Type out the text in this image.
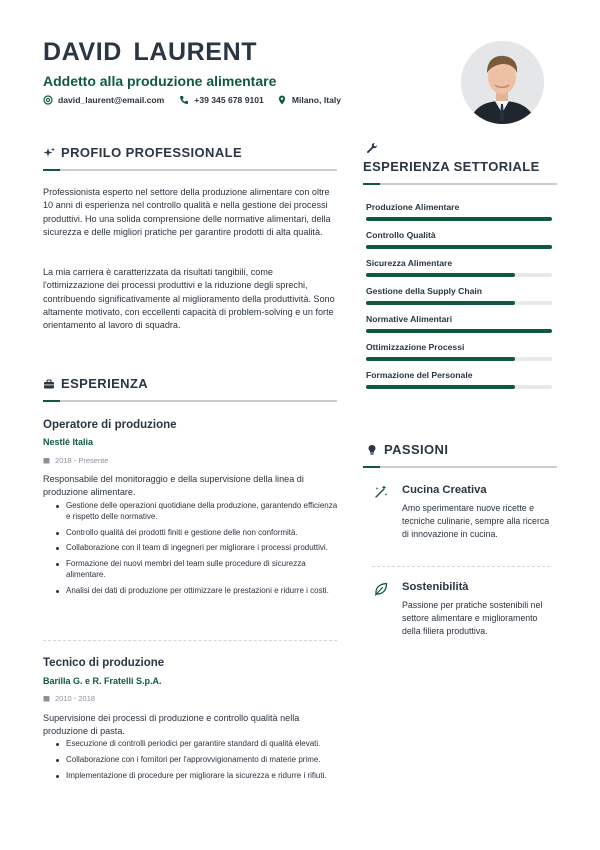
DAVID LAURENT
Addetto alla produzione alimentare
david_laurent@email.com	+39 345 678 9101	Milano, Italy
PROFILO PROFESSIONALE
Professionista esperto nel settore della produzione alimentare con oltre 10 anni di esperienza nel controllo qualità e nella gestione dei processi produttivi. Ho una solida comprensione delle normative alimentari, della sicurezza e delle migliori pratiche per garantire prodotti di alta qualità.
La mia carriera è caratterizzata da risultati tangibili, come l'ottimizzazione dei processi produttivi e la riduzione degli sprechi, contribuendo significativamente al miglioramento della produttività. Sono altamente motivato, con eccellenti capacità di problem-solving e un forte orientamento al lavoro di squadra.
ESPERIENZA
Operatore di produzione
Nestlé Italia
2018 - Presente
Responsabile del monitoraggio e della supervisione della linea di produzione alimentare.
Gestione delle operazioni quotidiane della produzione, garantendo efficienza e rispetto delle normative.
Controllo qualità dei prodotti finiti e gestione delle non conformità.
Collaborazione con il team di ingegneri per migliorare i processi produttivi.
Formazione dei nuovi membri del team sulle procedure di sicurezza alimentare.
Analisi dei dati di produzione per ottimizzare le prestazioni e ridurre i costi.
Tecnico di produzione
Barilla G. e R. Fratelli S.p.A.
2010 - 2018
Supervisione dei processi di produzione e controllo qualità nella produzione di pasta.
Esecuzione di controlli periodici per garantire standard di qualità elevati.
Collaborazione con i fornitori per l'approvvigionamento di materie prime.
Implementazione di procedure per migliorare la sicurezza e ridurre i rifiuti.
ESPERIENZA SETTORIALE
Produzione Alimentare
Controllo Qualità
Sicurezza Alimentare
Gestione della Supply Chain
Normative Alimentari
Ottimizzazione Processi
Formazione del Personale
PASSIONI
Cucina Creativa
Amo sperimentare nuove ricette e tecniche culinarie, sempre alla ricerca di innovazione in cucina.
Sostenibilità
Passione per pratiche sostenibili nel settore alimentare e miglioramento della filiera produttiva.
